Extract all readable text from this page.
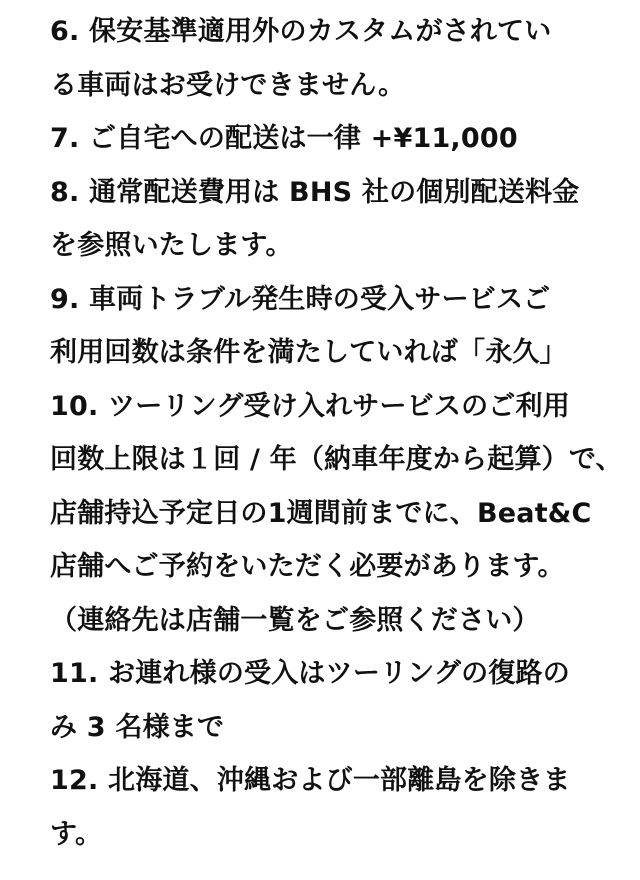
6. 保安基準適用外のカスタムがされてい
る車両はお受けできません。
7. ご自宅への配送は一律 +¥11,000
8. 通常配送費用は BHS 社の個別配送料金
を参照いたします。
9. 車両トラブル発生時の受入サービスご
利用回数は条件を満たしていれば「永久」
10. ツーリング受け入れサービスのご利用
回数上限は１回 / 年（納車年度から起算）で、
店舗持込予定日の1週間前までに、Beat&C
店舗へご予約をいただく必要があります。
（連絡先は店舗一覧をご参照ください）
11. お連れ様の受入はツーリングの復路の
み 3 名様まで
12. 北海道、沖縄および一部離島を除きま
す。
